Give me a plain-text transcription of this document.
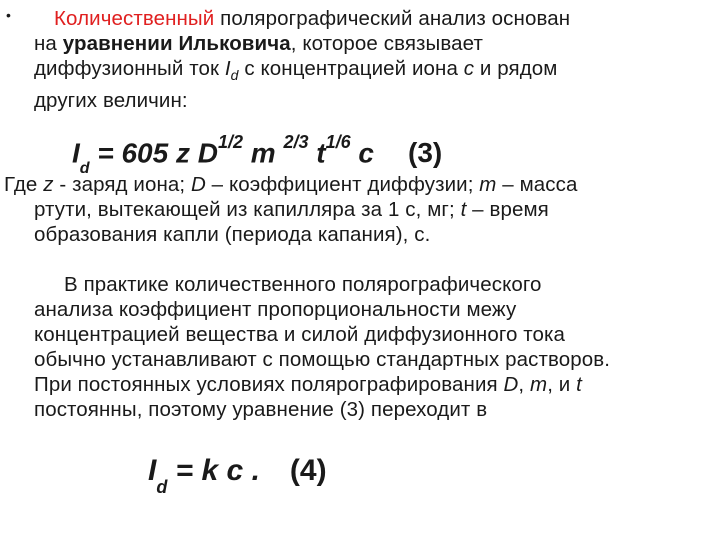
•	Количественный полярографический анализ основан
на уравнении Ильковича, которое связывает
диффузионный ток $I_d$ с концентрацией иона c и рядом
других величин:
$I_d = 605$ z $D^{1/2}$ m $^{2/3}$ $t^{1/6}$ c (3)
Где z - заряд иона; D – коэффициент диффузии; m – масса
ртути, вытекающей из капилляра за 1 с, мг; t – время
образования капли (периода капания), с.
В практике количественного полярографического
анализа коэффициент пропорциональности межу
концентрацией вещества и силой диффузионного тока
обычно устанавливают с помощью стандартных растворов.
При постоянных условиях полярографирования D, m, и t
постоянны, поэтому уравнение (3) переходит в
$I_d = k$ c . (4)
